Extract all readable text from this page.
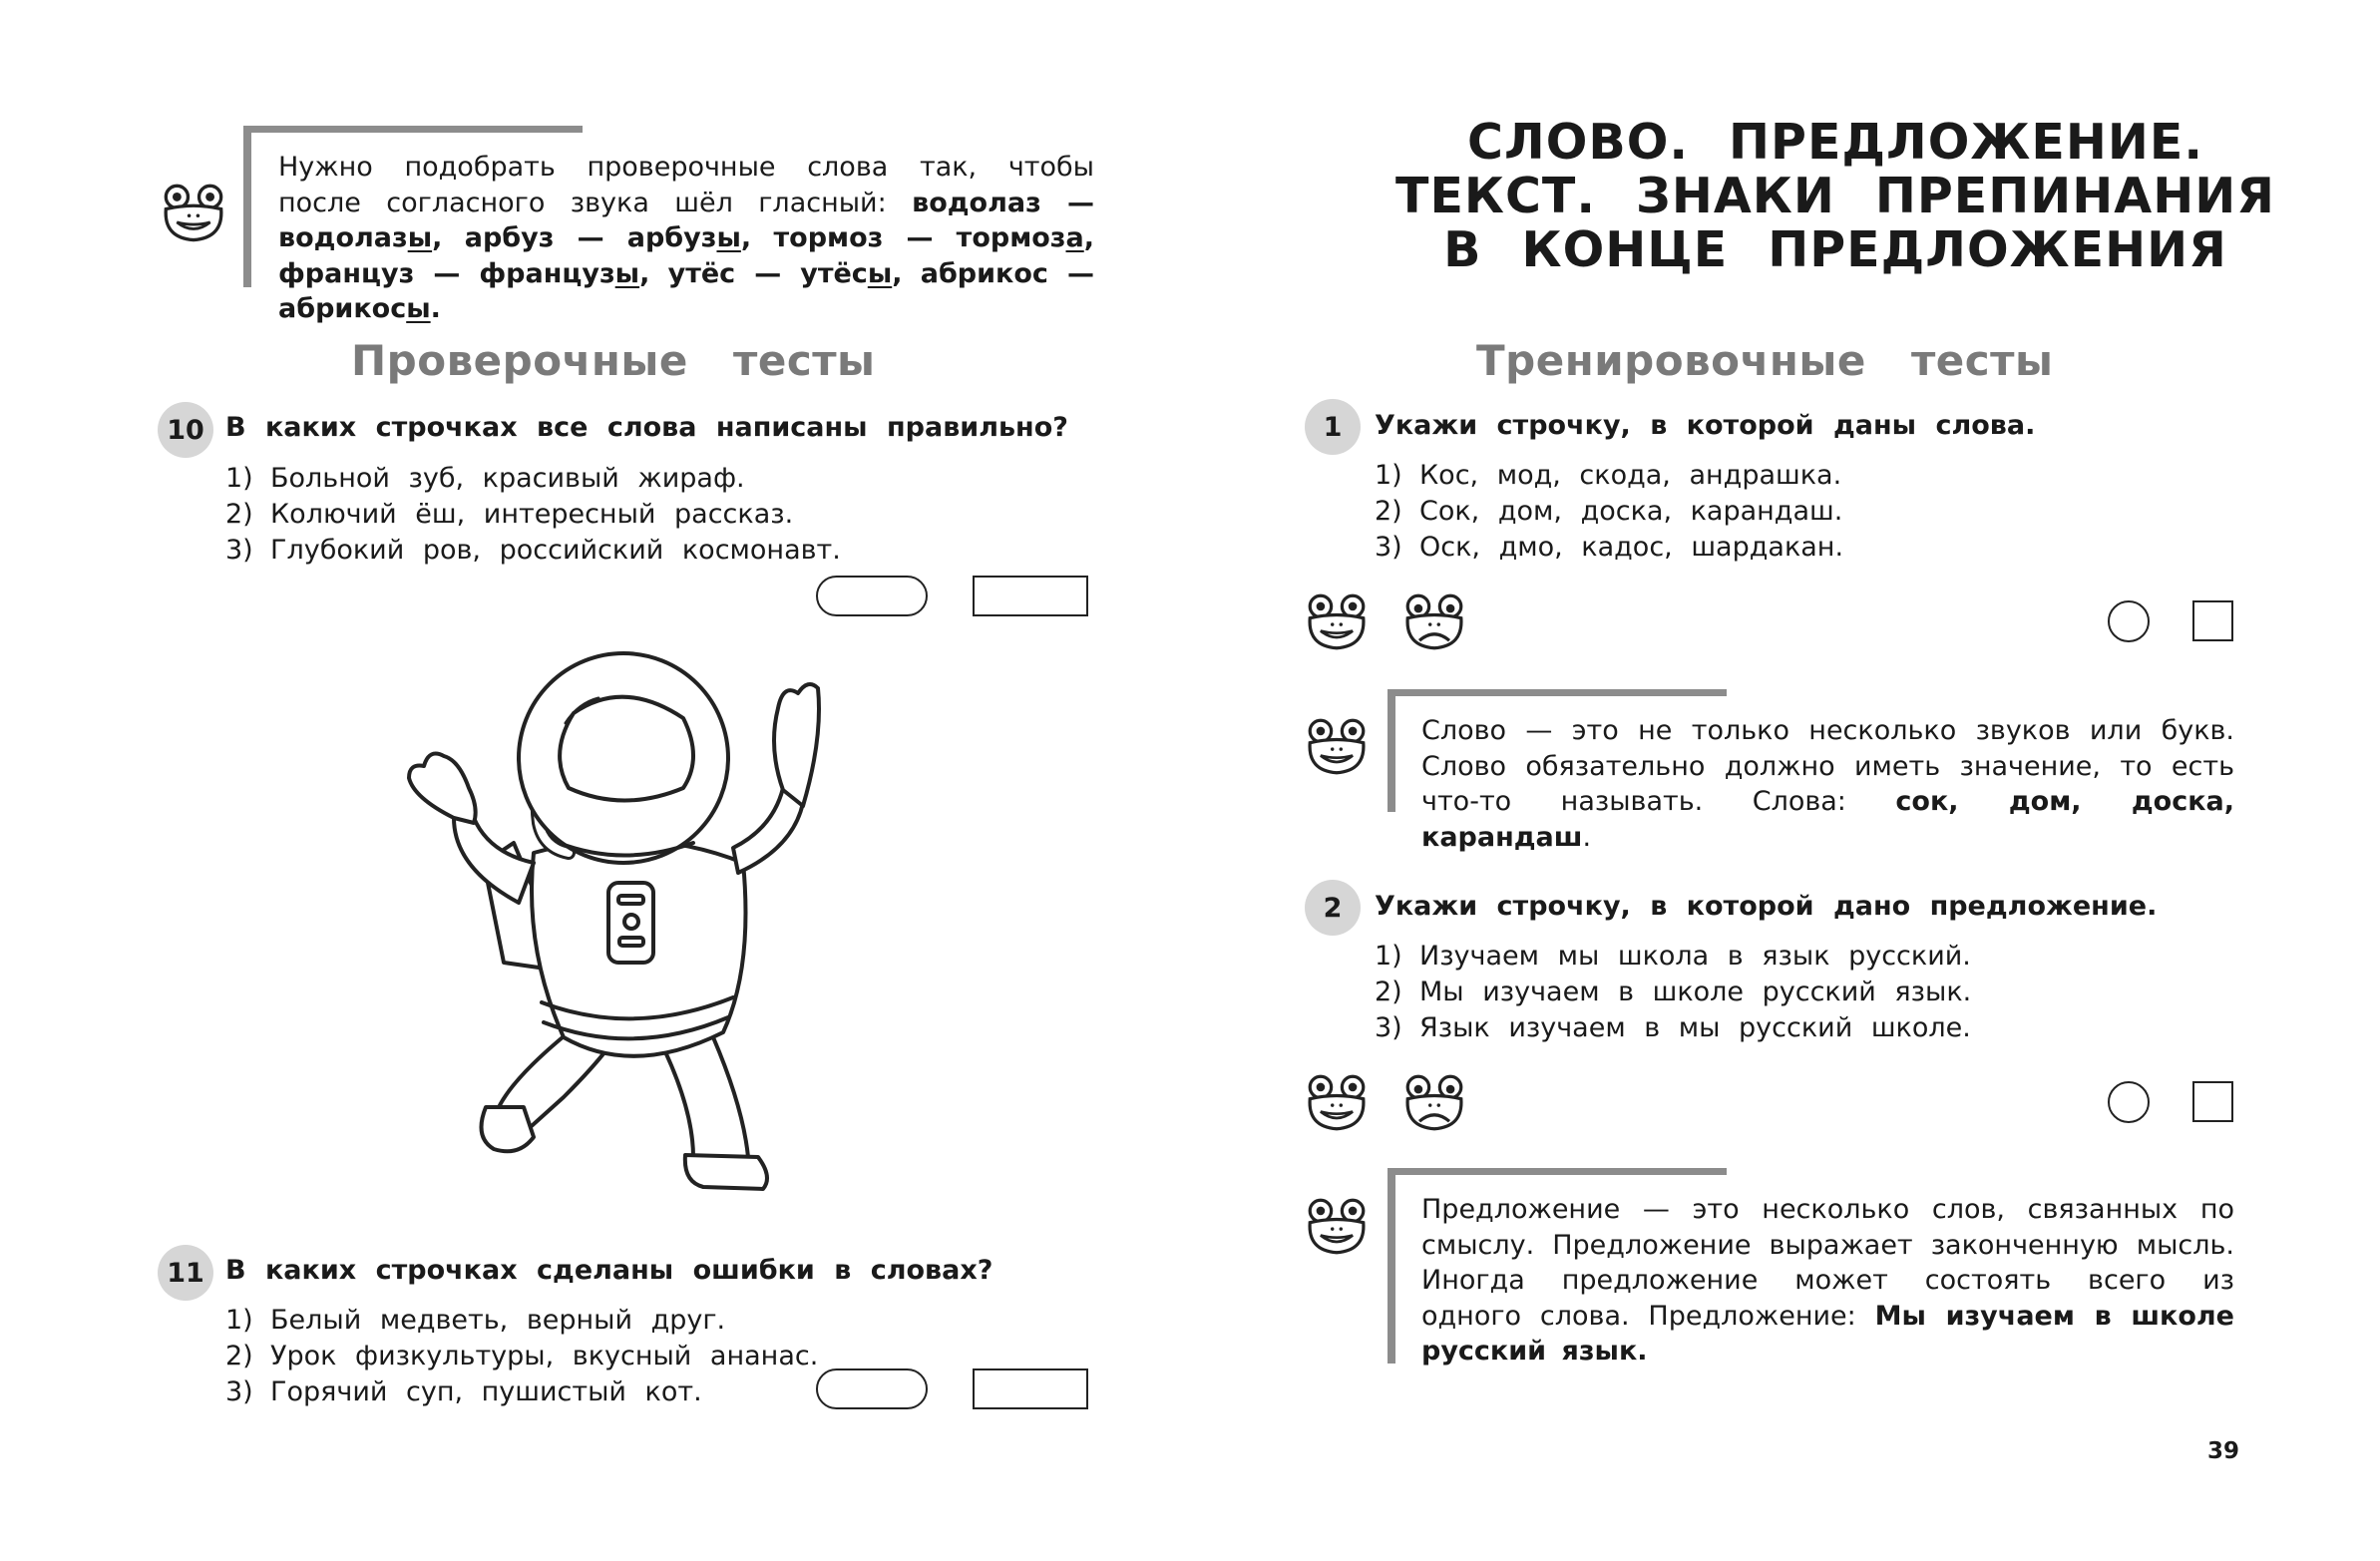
Нужно подобрать проверочные слова так, чтобы после согласного звука шёл гласный: водолаз — водолазы, арбуз — арбузы, тормоз — тормоза, француз — французы, утёс — утёсы, абрикос — абрикосы.
Проверочные тесты
10 В каких строчках все слова написаны правильно?
1) Больной зуб, красивый жираф.
2) Колючий ёш, интересный рассказ.
3) Глубокий ров, российский космонавт.
11 В каких строчках сделаны ошибки в словах?
1) Белый медветь, верный друг.
2) Урок физкультуры, вкусный ананас.
3) Горячий суп, пушистый кот.
СЛОВО. ПРЕДЛОЖЕНИЕ.
ТЕКСТ. ЗНАКИ ПРЕПИНАНИЯ
В КОНЦЕ ПРЕДЛОЖЕНИЯ
Тренировочные тесты
1	Укажи строчку, в которой даны слова.
1) Кос, мод, скода, андрашка.
2) Сок, дом, доска, карандаш.
3) Оск, дмо, кадос, шардакан.
Слово — это не только несколько звуков или букв. Слово обязательно должно иметь значение, то есть что-то называть. Слова: сок, дом, доска, карандаш.
2	Укажи строчку, в которой дано предложение.
1) Изучаем мы школа в язык русский.
2) Мы изучаем в школе русский язык.
3) Язык изучаем в мы русский школе.
Предложение — это несколько слов, связанных по смыслу. Предложение выражает законченную мысль. Иногда предложение может состоять всего из одного слова. Предложение: Мы изучаем в школе русский язык.
39
